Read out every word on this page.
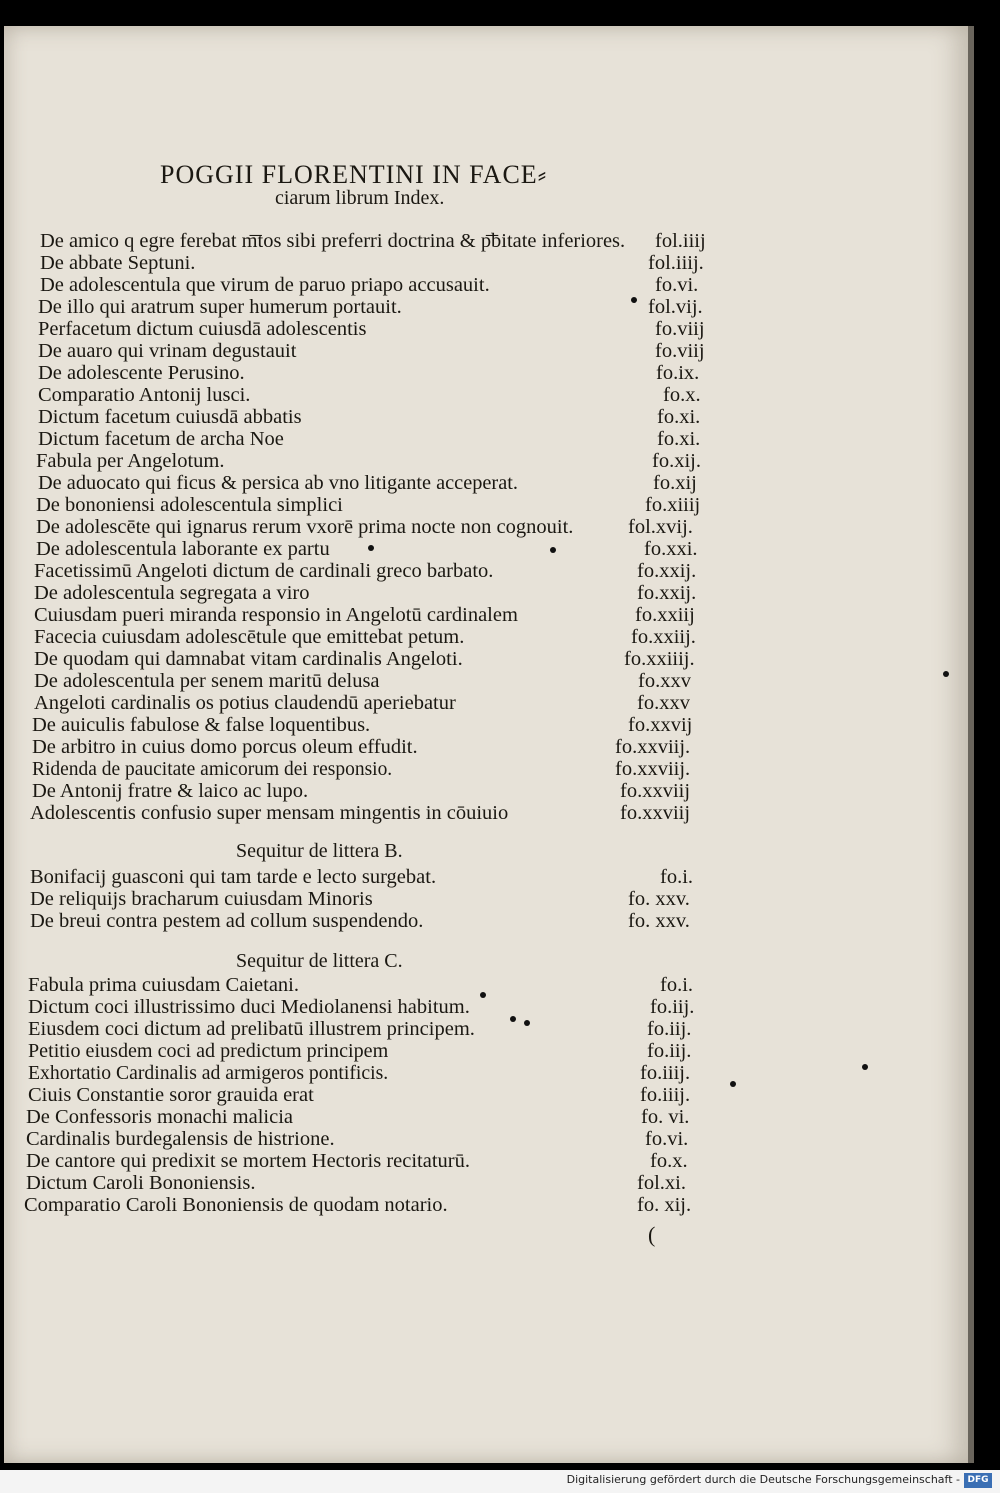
POGGII FLORENTINI IN FACE⸗
ciarum librum Index.
De amico q egre ferebat m͞tos sibi preferri doctrina & p͞bitate inferiores. fol.iiij
De abbate Septuni.	fol.iiij.
De adolescentula que virum de paruo priapo accusauit.	fo.vi.
De illo qui aratrum super humerum portauit.	fol.vij.
Perfacetum dictum cuiusdā adolescentis	fo.viij
De auaro qui vrinam degustauit	fo.viij
De adolescente Perusino.	fo.ix.
Comparatio Antonij lusci.	fo.x.
Dictum facetum cuiusdā abbatis	fo.xi.
Dictum facetum de archa Noe	fo.xi.
Fabula per Angelotum.	fo.xij.
De aduocato qui ficus & persica ab vno litigante acceperat.	fo.xij
De bononiensi adolescentula simplici	fo.xiiij
De adolescēte qui ignarus rerum vxorē prima nocte non cognouit.	fol.xvij.
De adolescentula laborante ex partu	fo.xxi.
Facetissimū Angeloti dictum de cardinali greco barbato.	fo.xxij.
De adolescentula segregata a viro	fo.xxij.
Cuiusdam pueri miranda responsio in Angelotū cardinalem	fo.xxiij
Facecia cuiusdam adolescētule que emittebat petum.	fo.xxiij.
De quodam qui damnabat vitam cardinalis Angeloti.	fo.xxiiij.
De adolescentula per senem maritū delusa	fo.xxv
Angeloti cardinalis os potius claudendū aperiebatur	fo.xxv
De auiculis fabulose & false loquentibus.	fo.xxvij
De arbitro in cuius domo porcus oleum effudit.	fo.xxviij.
Ridenda de paucitate amicorum dei responsio.	fo.xxviij.
De Antonij fratre & laico ac lupo.	fo.xxviij
Adolescentis confusio super mensam mingentis in cōuiuio	fo.xxviij
Sequitur de littera B.
Bonifacij guasconi qui tam tarde e lecto surgebat.	fo.i.
De reliquijs bracharum cuiusdam Minoris	fo. xxv.
De breui contra pestem ad collum suspendendo.	fo. xxv.
Sequitur de littera C.
Fabula prima cuiusdam Caietani.	fo.i.
Dictum coci illustrissimo duci Mediolanensi habitum.	fo.iij.
Eiusdem coci dictum ad prelibatū illustrem principem.	fo.iij.
Petitio eiusdem coci ad predictum principem	fo.iij.
Exhortatio Cardinalis ad armigeros pontificis.	fo.iiij.
Ciuis Constantie soror grauida erat	fo.iiij.
De Confessoris monachi malicia	fo. vi.
Cardinalis burdegalensis de histrione.	fo.vi.
De cantore qui predixit se mortem Hectoris recitaturū.	fo.x.
Dictum Caroli Bononiensis.	fol.xi.
Comparatio Caroli Bononiensis de quodam notario.	fo. xij.
(
Digitalisierung gefördert durch die Deutsche Forschungsgemeinschaft - DFG
